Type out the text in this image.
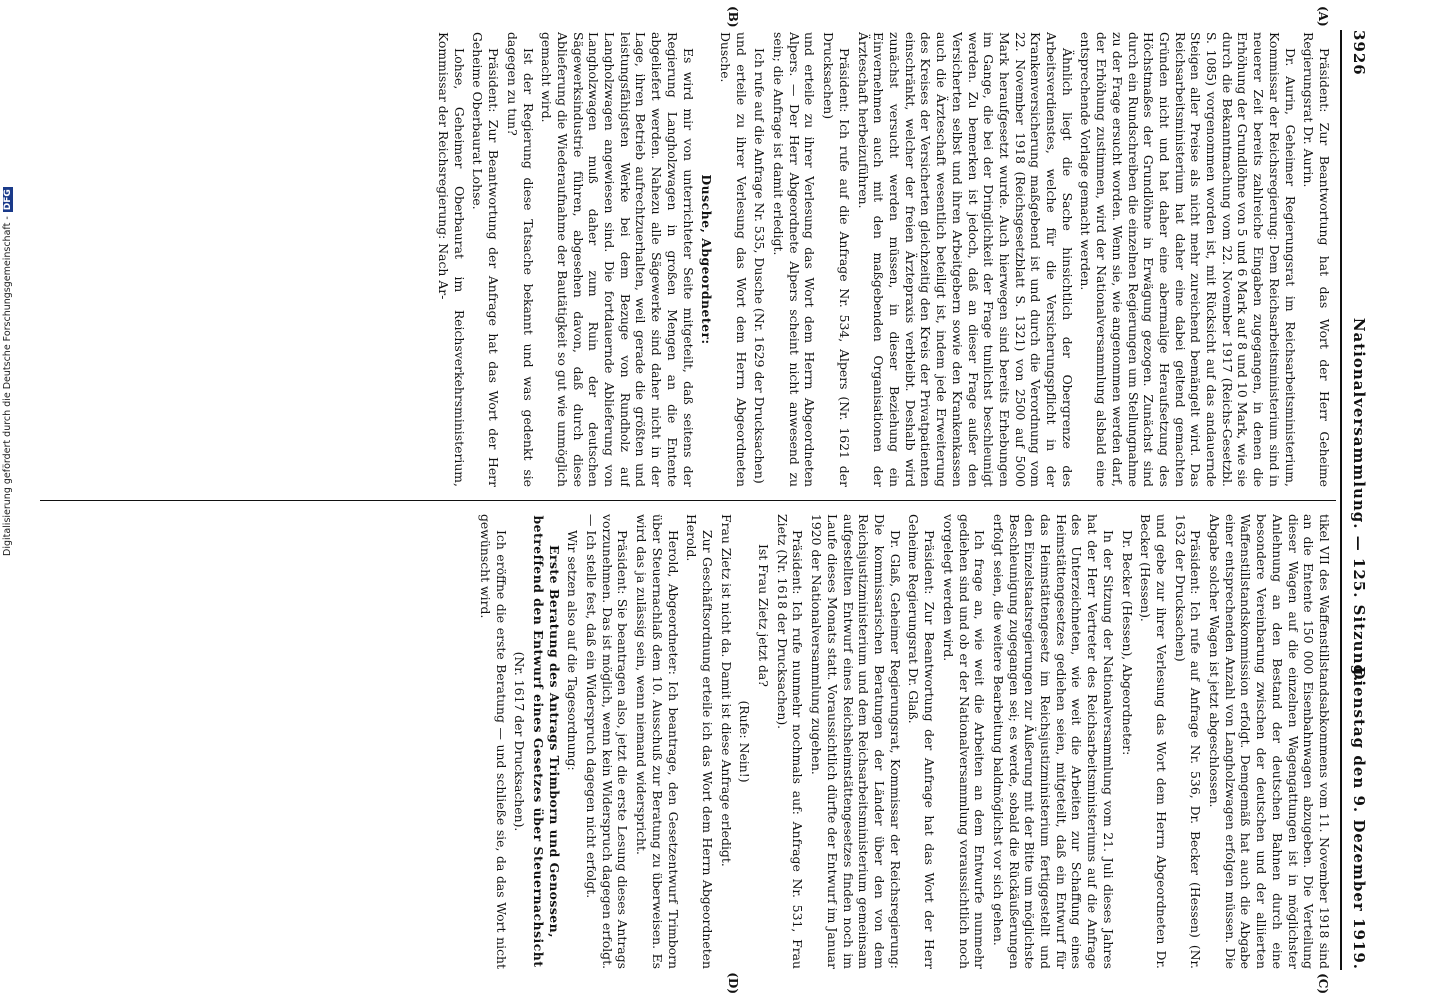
3926
Nationalversammlung. — 125. Sitzung.
Dienstag den 9. Dezember 1919.
(A)
(B)
(C)
(D)

Präsident: Zur Beantwortung hat das Wort der Herr Geheime Regierungsrat Dr. Aurin.

Dr. Aurin, Geheimer Regierungsrat im Reichsarbeitsministerium, Kommissar der Reichsregierung: Dem Reichsarbeitsministerium sind in neuerer Zeit bereits zahlreiche Eingaben zugegangen, in denen die Erhöhung der Grundlöhne von 5 und 6 Mark auf 8 und 10 Mark, wie sie durch die Bekanntmachung vom 22. November 1917 (Reichs-Gesetzbl. S. 1085) vorgenommen worden ist, mit Rücksicht auf das andauernde Steigen aller Preise als nicht mehr zureichend bemängelt wird. Das Reichsarbeitsministerium hat daher eine dabei geltend gemachten Gründen nicht und hat daher eine abermalige Heraufsetzung des Höchstmaßes der Grundlöhne in Erwägung gezogen. Zunächst sind durch ein Rundschreiben die einzelnen Regierungen um Stellungnahme zu der Frage ersucht worden. Wenn sie, wie angenommen werden darf, der Erhöhung zustimmen, wird der Nationalversammlung alsbald eine entsprechende Vorlage gemacht werden.

Ähnlich liegt die Sache hinsichtlich der Obergrenze des Arbeitsverdienstes, welche für die Versicherungspflicht in der Krankenversicherung maßgebend ist und durch die Verordnung vom 22. November 1918 (Reichsgesetzblatt S. 1321) von 2500 auf 5000 Mark heraufgesetzt wurde. Auch hierwegen sind bereits Erhebungen im Gange, die bei der Dringlichkeit der Frage tunlichst beschleunigt werden. Zu bemerken ist jedoch, daß an dieser Frage außer den Versicherten selbst und ihren Arbeitgebern sowie den Krankenkassen auch die Ärzteschaft wesentlich beteiligt ist, indem jede Erweiterung des Kreises der Versicherten gleichzeitig den Kreis der Privatpatienten einschränkt, welcher der freien Ärztepraxis verbleibt. Deshalb wird zunächst versucht werden müssen, in dieser Beziehung ein Einvernehmen auch mit den maßgebenden Organisationen der Ärzteschaft herbeizuführen.

Präsident: Ich rufe auf die Anfrage Nr. 534, Alpers (Nr. 1621 der Drucksachen)

und erteile zu ihrer Verlesung das Wort dem Herrn Abgeordneten Alpers. — Der Herr Abgeordnete Alpers scheint nicht anwesend zu sein; die Anfrage ist damit erledigt.

Ich rufe auf die Anfrage Nr. 535, Dusche (Nr. 1629 der Drucksachen)

und erteile zu ihrer Verlesung das Wort dem Herrn Abgeordneten Dusche.

Dusche, Abgeordneter:

Es wird mir von unterrichteter Seite mitgeteilt, daß seitens der Regierung Langholzwagen in großen Mengen an die Entente abgeliefert werden. Nahezu alle Sägewerke sind daher nicht in der Lage, ihren Betrieb aufrechtzuerhalten, weil gerade die größten und leistungsfähigsten Werke bei dem Bezuge von Rundholz auf Langholzwagen angewiesen sind. Die fortdauernde Ablieferung von Langholzwagen muß daher zum Ruin der deutschen Sägewerksindustrie führen, abgesehen davon, daß durch diese Ablieferung die Wiederaufnahme der Bautätigkeit so gut wie unmöglich gemacht wird.

Ist der Regierung diese Tatsache bekannt und was gedenkt sie dagegen zu tun?

Präsident: Zur Beantwortung der Anfrage hat das Wort der Herr Geheime Oberbaurat Lohse.

Lohse, Geheimer Oberbaurat im Reichsverkehrsministerium, Kommissar der Reichsregierung: Nach Ar-

tikel VII des Waffenstillstandsabkommens vom 11. November 1918 sind an die Entente 150 000 Eisenbahnwagen abzugeben. Die Verteilung dieser Wagen auf die einzelnen Wagengattungen ist in möglichster Anlehnung an den Bestand der deutschen Bahnen durch eine besondere Vereinbarung zwischen der deutschen und der alliierten Waffenstillstandskommission erfolgt. Demgemäß hat auch die Abgabe einer entsprechenden Anzahl von Langholzwagen erfolgen müssen. Die Abgabe solcher Wagen ist jetzt abgeschlossen.

Präsident: Ich rufe auf Anfrage Nr. 536, Dr. Becker (Hessen) (Nr. 1632 der Drucksachen)

und gebe zur ihrer Verlesung das Wort dem Herrn Abgeordneten Dr. Becker (Hessen).

Dr. Becker (Hessen), Abgeordneter:

In der Sitzung der Nationalversammlung vom 21. Juli dieses Jahres hat der Herr Vertreter des Reichsarbeitsministeriums auf die Anfrage des Unterzeichneten, wie weit die Arbeiten zur Schaffung eines Heimstättengesetzes gediehen seien, mitgeteilt, daß ein Entwurf für das Heimstättengesetz im Reichsjustizministerium fertiggestellt und den Einzelstaatsregierungen zur Äußerung mit der Bitte um möglichste Beschleunigung zugegangen sei; es werde, sobald die Rückäußerungen erfolgt seien, die weitere Bearbeitung baldmöglichst vor sich gehen.

Ich frage an, wie weit die Arbeiten an dem Entwurfe nunmehr gediehen sind und ob er der Nationalversammlung voraussichtlich noch vorgelegt werden wird.

Präsident: Zur Beantwortung der Anfrage hat das Wort der Herr Geheime Regierungsrat Dr. Glaß.

Dr. Glaß, Geheimer Regierungsrat, Kommissar der Reichsregierung: Die kommissarischen Beratungen der Länder über den von dem Reichsjustizministerium und dem Reichsarbeitsministerium gemeinsam aufgestellten Entwurf eines Reichsheimstättengesetzes finden noch im Laufe dieses Monats statt. Voraussichtlich dürfte der Entwurf im Januar 1920 der Nationalversammlung zugehen.

Präsident: Ich rufe nunmehr nochmals auf: Anfrage Nr. 531, Frau Zietz (Nr. 1618 der Drucksachen).

Ist Frau Zietz jetzt da?

(Rufe: Nein!)

Frau Zietz ist nicht da. Damit ist diese Anfrage erledigt.

Zur Geschäftsordnung erteile ich das Wort dem Herrn Abgeordneten Herold.

Herold, Abgeordneter: Ich beantrage, den Gesetzentwurf Trimborn über Steuernachlaß dem 10. Ausschuß zur Beratung zu überweisen. Es wird das ja zulässig sein, wenn niemand widerspricht.

Präsident: Sie beantragen also, jetzt die erste Lesung dieses Antrags vorzunehmen. Das ist möglich, wenn kein Widerspruch dagegen erfolgt. — Ich stelle fest, daß ein Widerspruch dagegen nicht erfolgt.

Wir setzen also auf die Tagesordnung:

Erste Beratung des Antrags Trimborn und Genossen, betreffend den Entwurf eines Gesetzes über Steuernachsicht

(Nr. 1617 der Drucksachen).

Ich eröffne die erste Beratung — und schließe sie, da das Wort nicht gewünscht wird.

Digitalisierung gefördert durch die Deutsche Forschungsgemeinschaft -DFG
